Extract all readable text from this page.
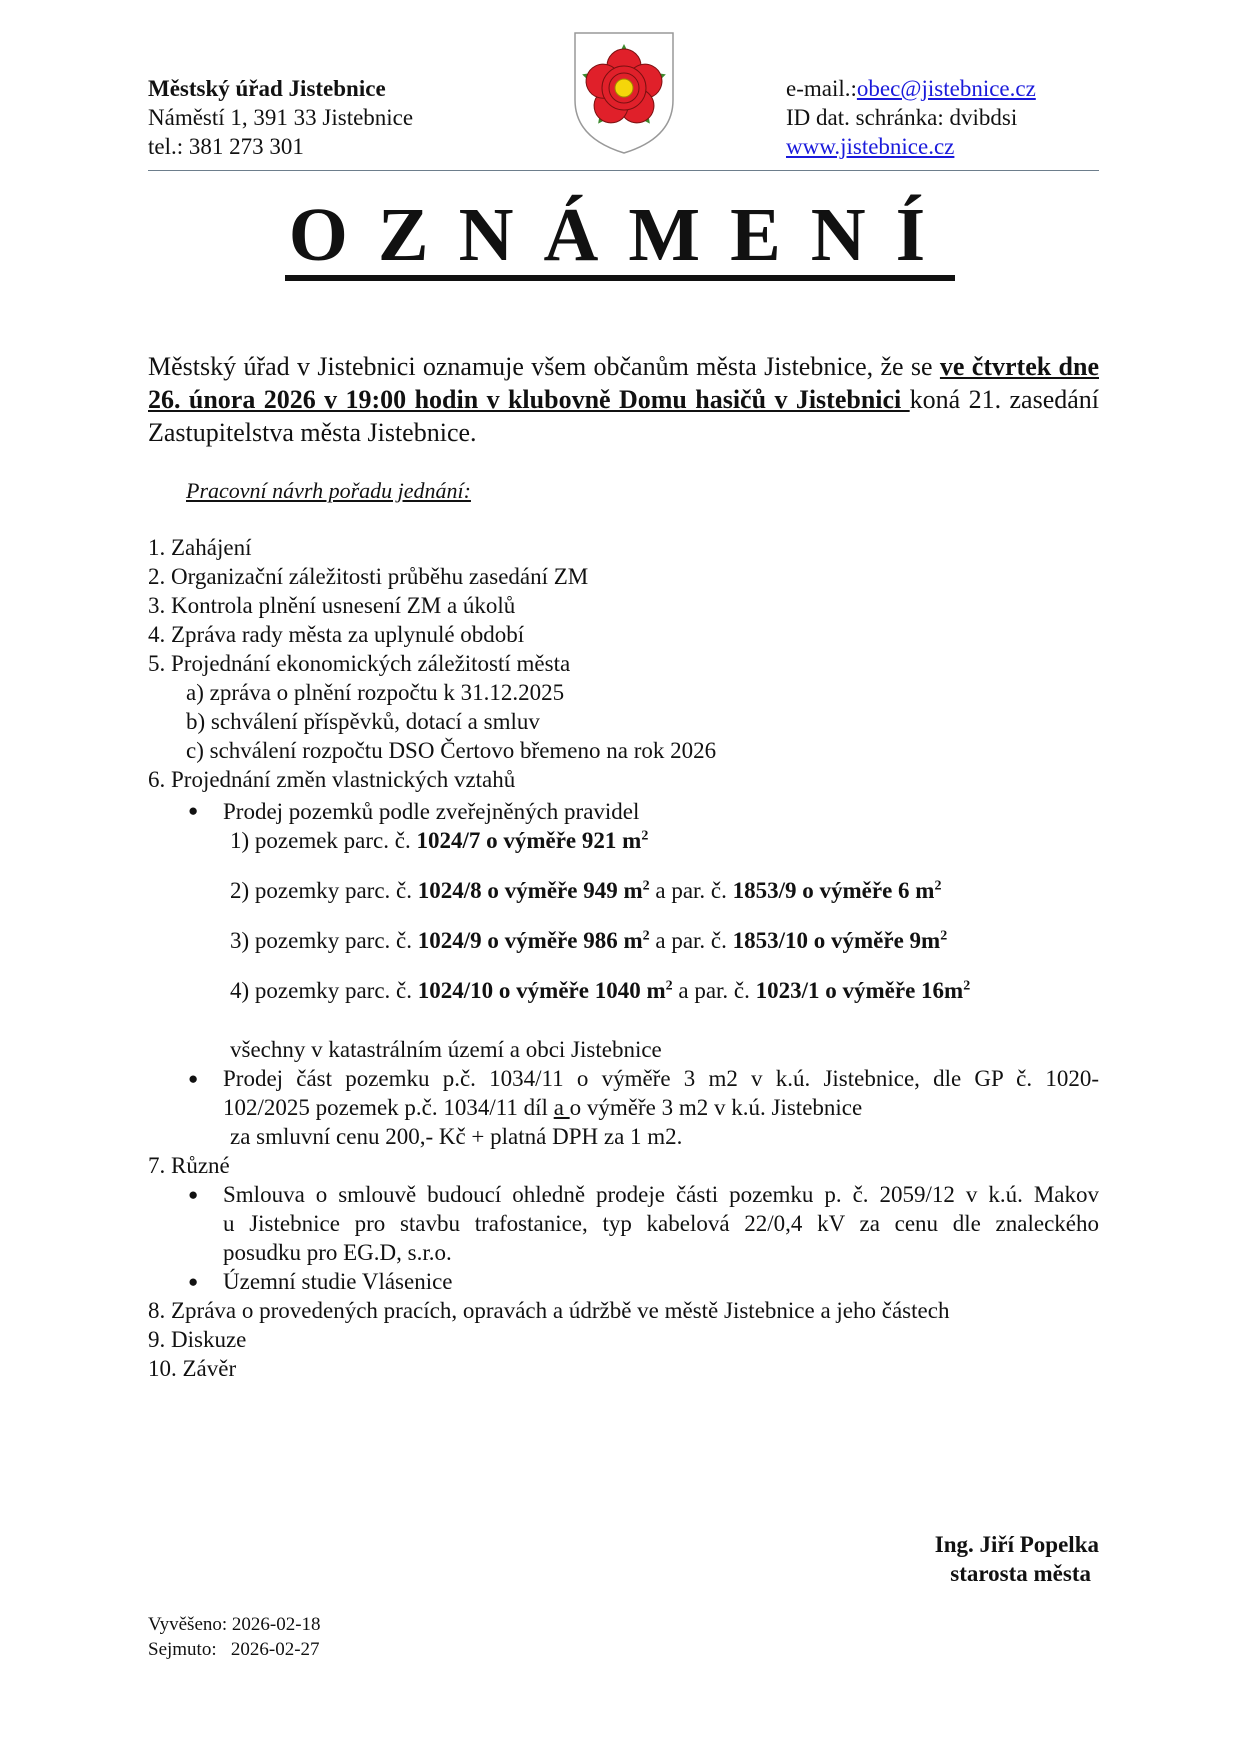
Městský úřad Jistebnice
Náměstí 1, 391 33 Jistebnice
tel.: 381 273 301
e-mail.:obec@jistebnice.cz
ID dat. schránka: dvibdsi
www.jistebnice.cz
OZNÁMENÍ
Městský úřad v Jistebnici oznamuje všem občanům města Jistebnice, že se ve čtvrtek dne 26. února 2026 v 19:00 hodin v klubovně Domu hasičů v Jistebnici koná 21. zasedání Zastupitelstva města Jistebnice.
Pracovní návrh pořadu jednání:
1. Zahájení
2. Organizační záležitosti průběhu zasedání ZM
3. Kontrola plnění usnesení ZM a úkolů
4. Zpráva rady města za uplynulé období
5. Projednání ekonomických záležitostí města
a) zpráva o plnění rozpočtu k 31.12.2025
b) schválení příspěvků, dotací a smluv
c) schválení rozpočtu DSO Čertovo břemeno na rok 2026
6. Projednání změn vlastnických vztahů
● Prodej pozemků podle zveřejněných pravidel
1) pozemek parc. č. 1024/7 o výměře 921 $m^2$
2) pozemky parc. č. 1024/8 o výměře 949 $m^2$ a par. č. 1853/9 o výměře 6 $m^2$
3) pozemky parc. č. 1024/9 o výměře 986 $m^2$ a par. č. 1853/10 o výměře $9m^2$
4) pozemky parc. č. 1024/10 o výměře 1040 $m^2$ a par. č. 1023/1 o výměře $16m^2$
všechny v katastrálním území a obci Jistebnice
● Prodej část pozemku p.č. 1034/11 o výměře 3 m2 v k.ú. Jistebnice, dle GP č. 1020-
102/2025 pozemek p.č. 1034/11 díl a o výměře 3 m2 v k.ú. Jistebnice
za smluvní cenu 200,- Kč + platná DPH za 1 m2.
7. Různé
● Smlouva o smlouvě budoucí ohledně prodeje části pozemku p. č. 2059/12 v k.ú. Makov
u Jistebnice pro stavbu trafostanice, typ kabelová 22/0,4 kV za cenu dle znaleckého
posudku pro EG.D, s.r.o.
● Územní studie Vlásenice
8. Zpráva o provedených pracích, opravách a údržbě ve městě Jistebnice a jeho částech
9. Diskuze
10. Závěr
Ing. Jiří Popelka
starosta města
Vyvěšeno: 2026-02-18
Sejmuto:   2026-02-27
